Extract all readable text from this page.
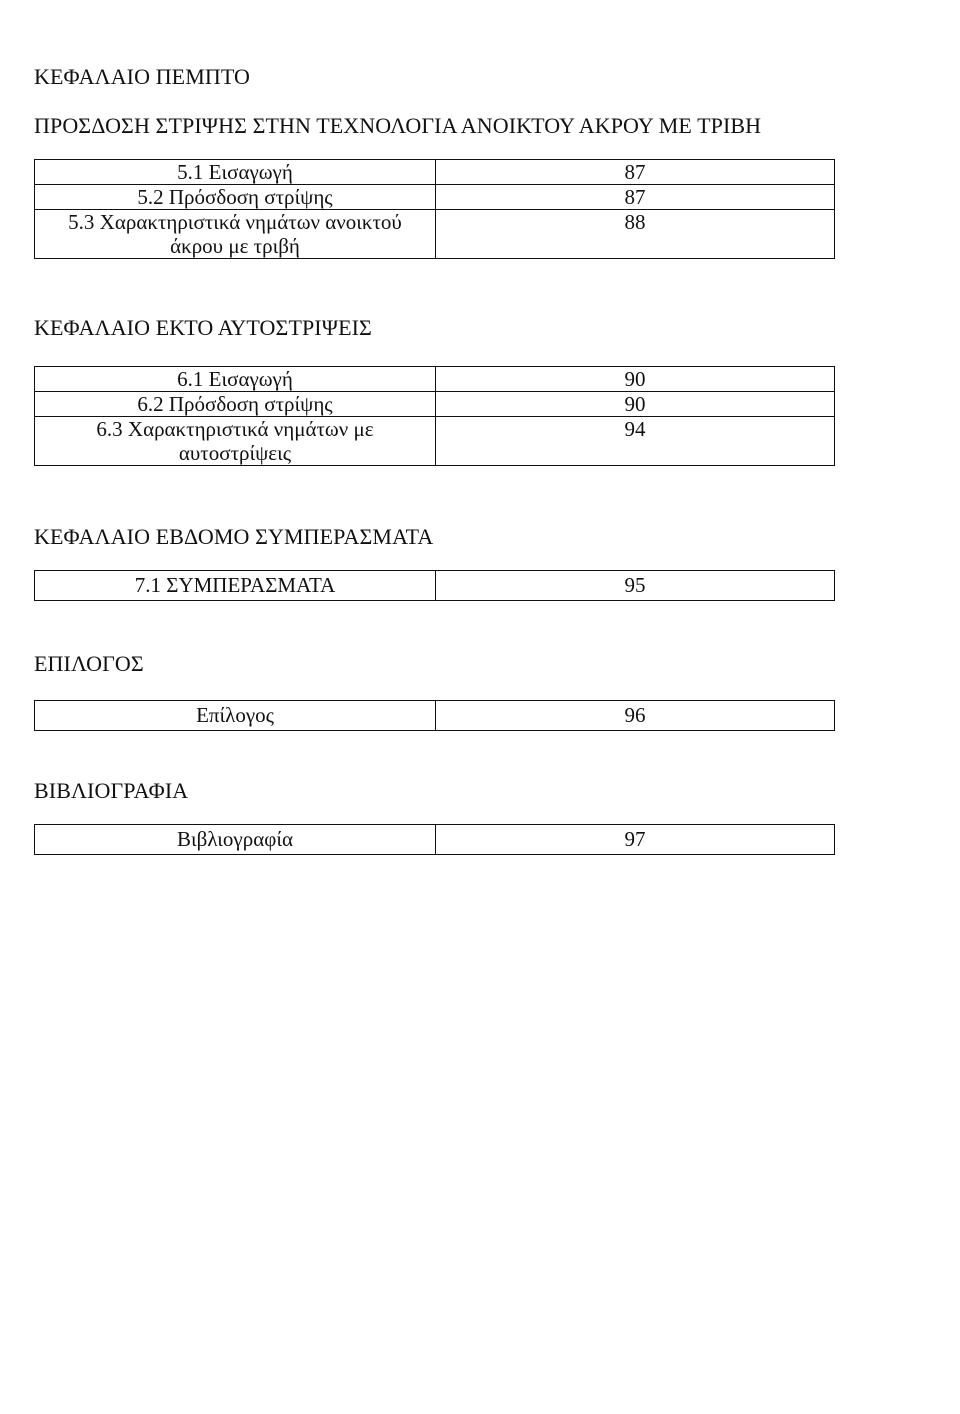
ΚΕΦΑΛΑΙΟ ΠΕΜΠΤΟ
ΠΡΟΣΔΟΣΗ ΣΤΡΙΨΗΣ ΣΤΗΝ ΤΕΧΝΟΛΟΓΙΑ ΑΝΟΙΚΤΟΥ ΑΚΡΟΥ ΜΕ ΤΡΙΒΗ
5.1 Εισαγωγή	87
5.2 Πρόσδοση στρίψης	87

5.3 Χαρακτηριστικά νημάτων ανοικτού
άκρου με τριβή	88
ΚΕΦΑΛΑΙΟ ΕΚΤΟ ΑΥΤΟΣΤΡΙΨΕΙΣ
6.1 Εισαγωγή	90
6.2 Πρόσδοση στρίψης	90

6.3 Χαρακτηριστικά νημάτων με
αυτοστρίψεις	94
ΚΕΦΑΛΑΙΟ ΕΒΔΟΜΟ ΣΥΜΠΕΡΑΣΜΑΤΑ
7.1 ΣΥΜΠΕΡΑΣΜΑΤΑ	95
ΕΠΙΛΟΓΟΣ
Επίλογος	96
ΒΙΒΛΙΟΓΡΑΦΙΑ
Βιβλιογραφία	97
